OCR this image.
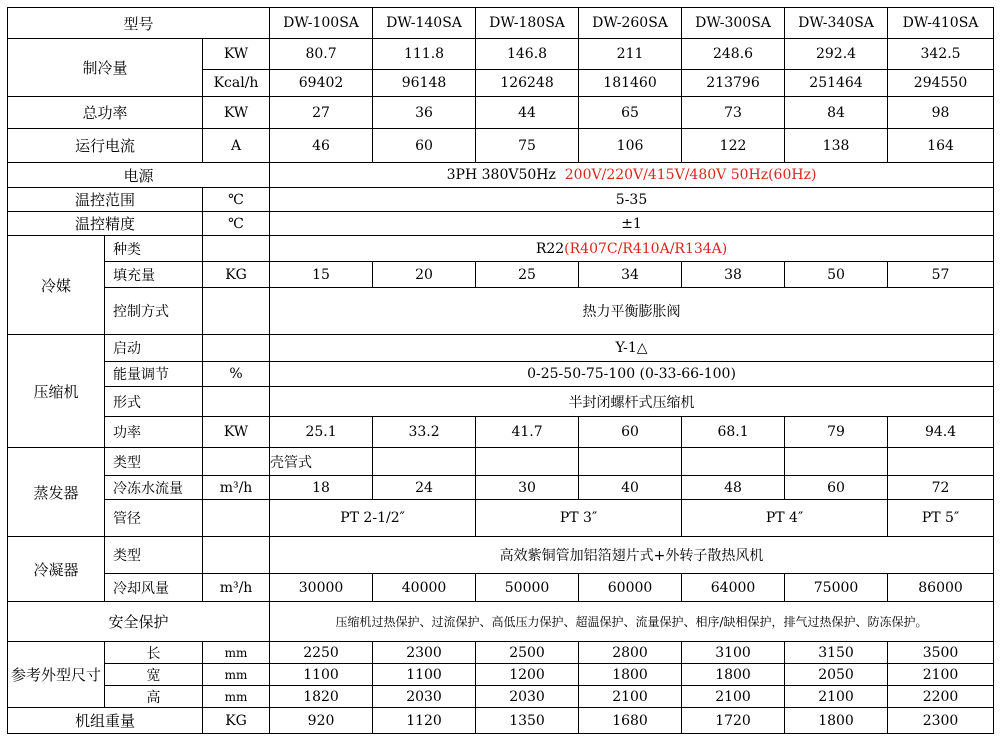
型号			DW-100SA	DW-140SA	DW-180SA	DW-260SA	DW-300SA	DW-340SA	DW-410SA
制冷量		KW	80.7	111.8	146.8	211	248.6	292.4	342.5
		Kcal/h	69402	96148	126248	181460	213796	251464	294550
总功率		KW	27	36	44	65	73	84	98
运行电流		A	46	60	75	106	122	138	164
电源			3PH 380V50Hz 200V/220V/415V/480V 50Hz(60Hz)						
温控范围		℃	5-35						
温控精度		℃	±1						
冷媒	种类		R22(R407C/R410A/R134A)						
	填充量	KG	15	20	25	34	38	50	57
	控制方式		热力平衡膨胀阀						
压缩机	启动		Y-1△						
	能量调节	%	0-25-50-75-100 (0-33-66-100)						
	形式		半封闭螺杆式压缩机						
	功率	KW	25.1	33.2	41.7	60	68.1	79	94.4
蒸发器	类型		壳管式						
	冷冻水流量	m³/h	18	24	30	40	48	60	72
	管径		PT 2-1/2″		PT 3″		PT 4″		PT 5″
冷凝器	类型		高效紫铜管加铝箔翅片式+外转子散热风机						
	冷却风量	m³/h	30000	40000	50000	60000	64000	75000	86000
安全保护			压缩机过热保护、过流保护、高低压力保护、超温保护、流量保护、相序/缺相保护，排气过热保护、防冻保护。						
参考外型尺寸	长	mm	2250	2300	2500	2800	3100	3150	3500
	宽	mm	1100	1100	1200	1800	1800	2050	2100
	高	mm	1820	2030	2030	2100	2100	2100	2200
机组重量		KG	920	1120	1350	1680	1720	1800	2300
